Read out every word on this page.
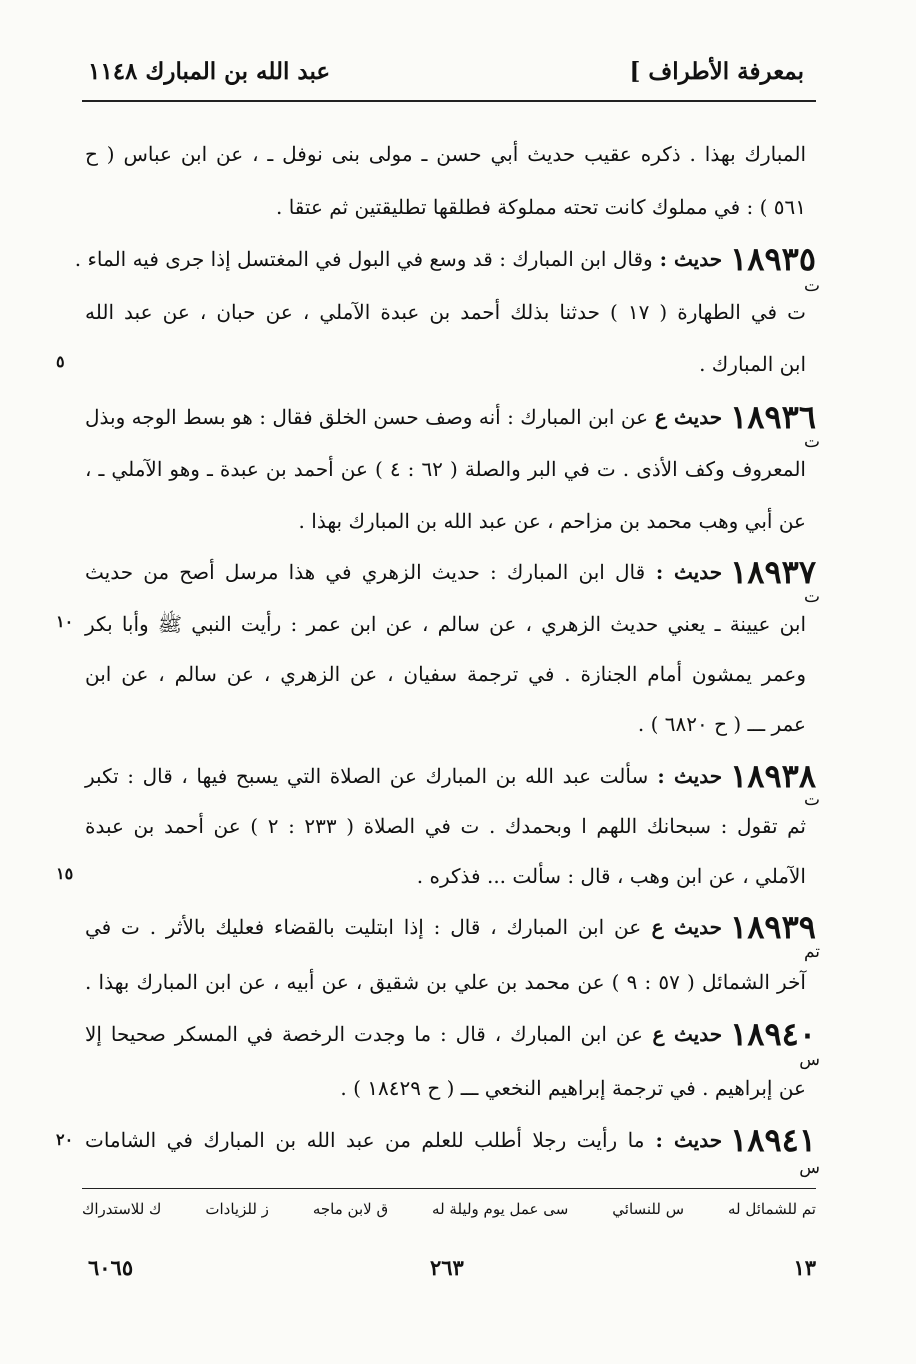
بمعرفة الأطراف ]
عبد الله بن المبارك ١١٤٨
المبارك بهذا . ذكره عقيب حديث أبي حسن ـ مولى بنى نوفل ـ ، عن ابن عباس ( ح
٥٦١ ) : في مملوك كانت تحته مملوكة فطلقها تطليقتين ثم عتقا .
١٨٩٣٥حديث : وقال ابن المبارك : قد وسع في البول في المغتسل إذا جرى فيه الماء .
ت في الطهارة ( ١٧ ) حدثنا بذلك أحمد بن عبدة الآملي ، عن حبان ، عن عبد الله
ابن المبارك .
١٨٩٣٦حديث ع عن ابن المبارك : أنه وصف حسن الخلق فقال : هو بسط الوجه وبذل
المعروف وكف الأذى . ت في البر والصلة ( ٦٢ : ٤ ) عن أحمد بن عبدة ـ وهو الآملي ـ ،
عن أبي وهب محمد بن مزاحم ، عن عبد الله بن المبارك بهذا .
١٨٩٣٧حديث : قال ابن المبارك : حديث الزهري في هذا مرسل أصح من حديث
ابن عيينة ـ يعني حديث الزهري ، عن سالم ، عن ابن عمر : رأيت النبي ﷺ وأبا بكر
وعمر يمشون أمام الجنازة . في ترجمة سفيان ، عن الزهري ، عن سالم ، عن ابن
عمر ـــ ( ح ٦٨٢٠ ) .
١٨٩٣٨حديث : سألت عبد الله بن المبارك عن الصلاة التي يسبح فيها ، قال : تكبر
ثم تقول : سبحانك اللهم ا وبحمدك . ت في الصلاة ( ٢٣٣ : ٢ ) عن أحمد بن عبدة
الآملي ، عن ابن وهب ، قال : سألت ... فذكره .
١٨٩٣٩حديث ع عن ابن المبارك ، قال : إذا ابتليت بالقضاء فعليك بالأثر . ت في
آخر الشمائل ( ٥٧ : ٩ ) عن محمد بن علي بن شقيق ، عن أبيه ، عن ابن المبارك بهذا .
١٨٩٤٠حديث ع عن ابن المبارك ، قال : ما وجدت الرخصة في المسكر صحيحا إلا
عن إبراهيم . في ترجمة إبراهيم النخعي ـــ ( ح ١٨٤٢٩ ) .
١٨٩٤١حديث : ما رأيت رجلا أطلب للعلم من عبد الله بن المبارك في الشامات
ت
ت
ت
ت
تم
س
س
٥
١٠
١٥
٢٠
تم للشمائل له
س للنسائي
سى عمل يوم وليلة له
ق لابن ماجه
ز للزيادات
ك للاستدراك
١٣
٢٦٣
٦٠٦٥
